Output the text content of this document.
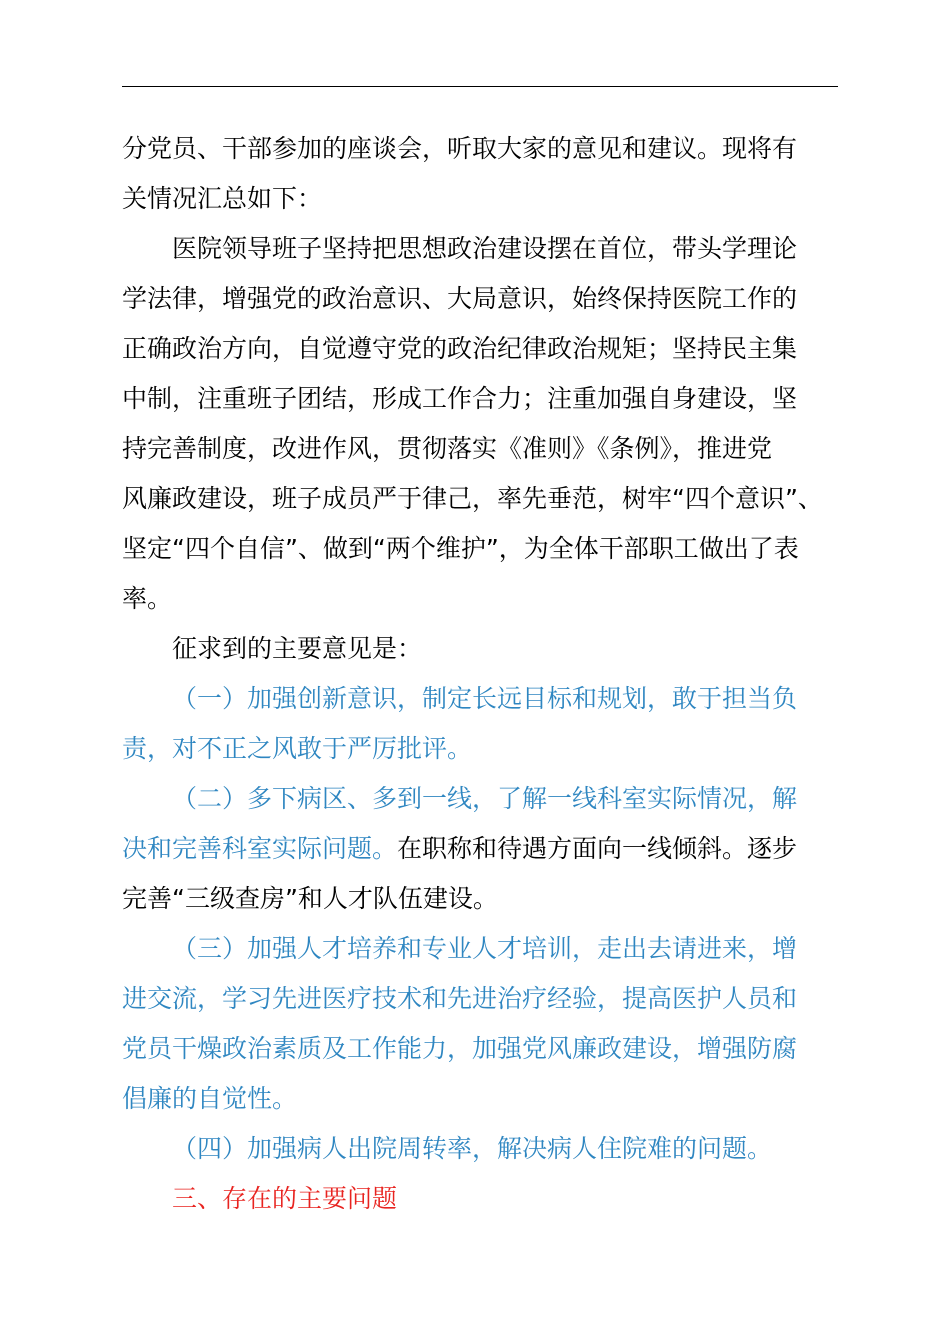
分党员、干部参加的座谈会，听取大家的意见和建议。现将有
关情况汇总如下：
医院领导班子坚持把思想政治建设摆在首位，带头学理论
学法律，增强党的政治意识、大局意识，始终保持医院工作的
正确政治方向，自觉遵守党的政治纪律政治规矩；坚持民主集
中制，注重班子团结，形成工作合力；注重加强自身建设，坚
持完善制度，改进作风，贯彻落实《准则》《条例》，推进党
风廉政建设，班子成员严于律己，率先垂范，树牢“四个意识”、
坚定“四个自信”、做到“两个维护”，为全体干部职工做出了表
率。
征求到的主要意见是：
（一）加强创新意识，制定长远目标和规划，敢于担当负
责，对不正之风敢于严厉批评。
（二）多下病区、多到一线，了解一线科室实际情况，解
决和完善科室实际问题。在职称和待遇方面向一线倾斜。逐步
完善“三级查房”和人才队伍建设。
（三）加强人才培养和专业人才培训，走出去请进来，增
进交流，学习先进医疗技术和先进治疗经验，提高医护人员和
党员干燥政治素质及工作能力，加强党风廉政建设，增强防腐
倡廉的自觉性。
（四）加强病人出院周转率，解决病人住院难的问题。
三、存在的主要问题
